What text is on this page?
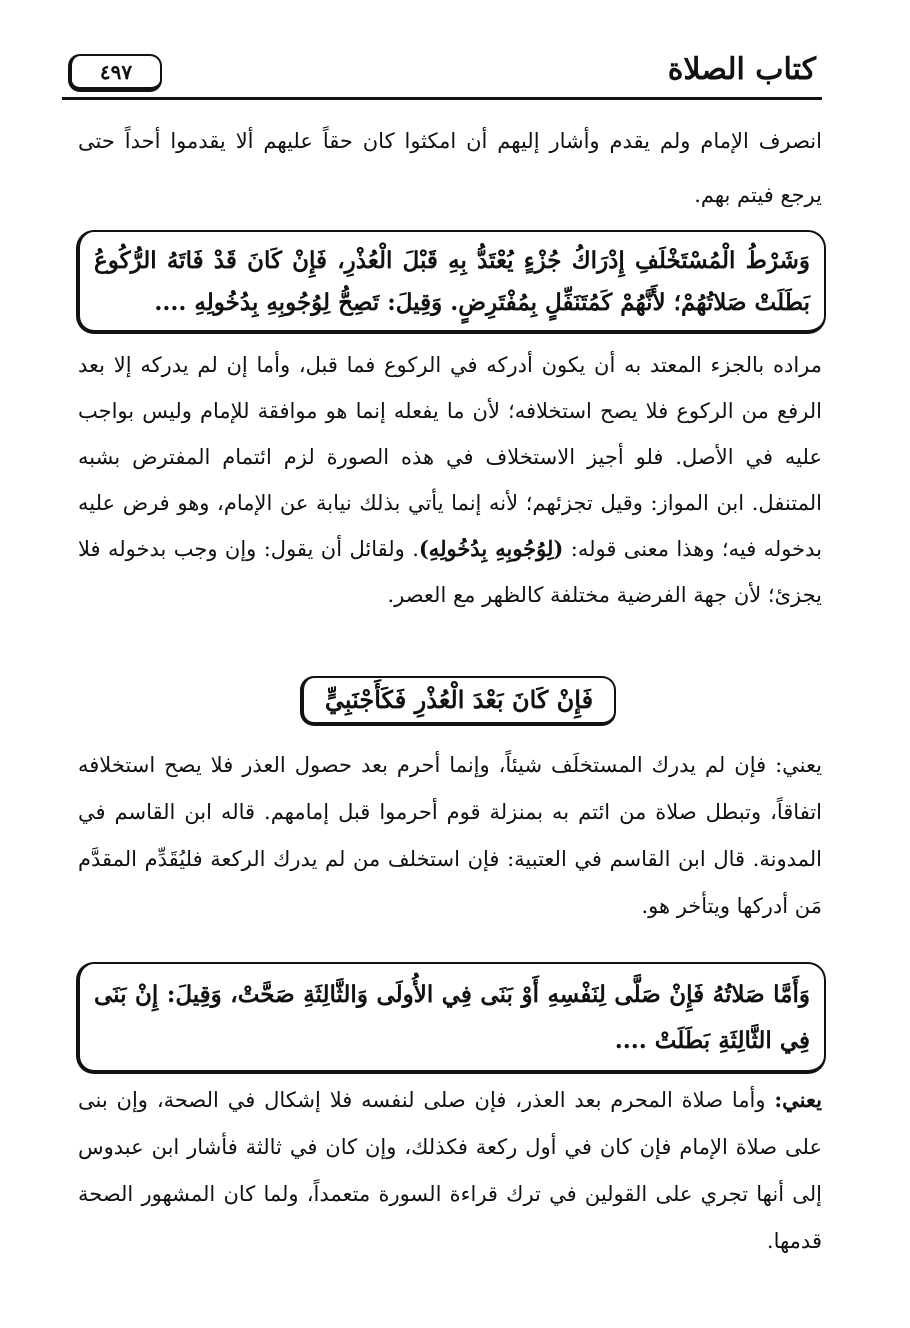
كتاب الصلاة
٤٩٧
انصرف الإمام ولم يقدم وأشار إليهم أن امكثوا كان حقاً عليهم ألا يقدموا أحداً حتى يرجع فيتم بهم.
وَشَرْطُ الْمُسْتَخْلَفِ إِدْرَاكُ جُزْءٍ يُعْتَدُّ بِهِ قَبْلَ الْعُذْرِ، فَإِنْ كَانَ قَدْ فَاتَهُ الرُّكُوعُ بَطَلَتْ صَلاتُهُمْ؛ لأَنَّهُمْ كَمُتَنَفِّلٍ بِمُفْتَرِضٍ. وَقِيلَ: تَصِحُّ لِوُجُوبِهِ بِدُخُولِهِ ....
مراده بالجزء المعتد به أن يكون أدركه في الركوع فما قبل، وأما إن لم يدركه إلا بعد الرفع من الركوع فلا يصح استخلافه؛ لأن ما يفعله إنما هو موافقة للإمام وليس بواجب عليه في الأصل. فلو أجيز الاستخلاف في هذه الصورة لزم ائتمام المفترض بشبه المتنفل. ابن المواز: وقيل تجزئهم؛ لأنه إنما يأتي بذلك نيابة عن الإمام، وهو فرض عليه بدخوله فيه؛ وهذا معنى قوله: (لِوُجُوبِهِ بِدُخُولِهِ). ولقائل أن يقول: وإن وجب بدخوله فلا يجزئ؛ لأن جهة الفرضية مختلفة كالظهر مع العصر.
فَإِنْ كَانَ بَعْدَ الْعُذْرِ فَكَأَجْنَبِيٍّ
يعني: فإن لم يدرك المستخلَف شيئاً، وإنما أحرم بعد حصول العذر فلا يصح استخلافه اتفاقاً، وتبطل صلاة من ائتم به بمنزلة قوم أحرموا قبل إمامهم. قاله ابن القاسم في المدونة. قال ابن القاسم في العتبية: فإن استخلف من لم يدرك الركعة فليُقَدِّم المقدَّم مَن أدركها ويتأخر هو.
وَأَمَّا صَلاتُهُ فَإِنْ صَلَّى لِنَفْسِهِ أَوْ بَنَى فِي الأُولَى وَالثَّالِثَةِ صَحَّتْ، وَقِيلَ: إِنْ بَنَى فِي الثَّالِثَةِ بَطَلَتْ ....
يعني: وأما صلاة المحرم بعد العذر، فإن صلى لنفسه فلا إشكال في الصحة، وإن بنى على صلاة الإمام فإن كان في أول ركعة فكذلك، وإن كان في ثالثة فأشار ابن عبدوس إلى أنها تجري على القولين في ترك قراءة السورة متعمداً، ولما كان المشهور الصحة قدمها.
